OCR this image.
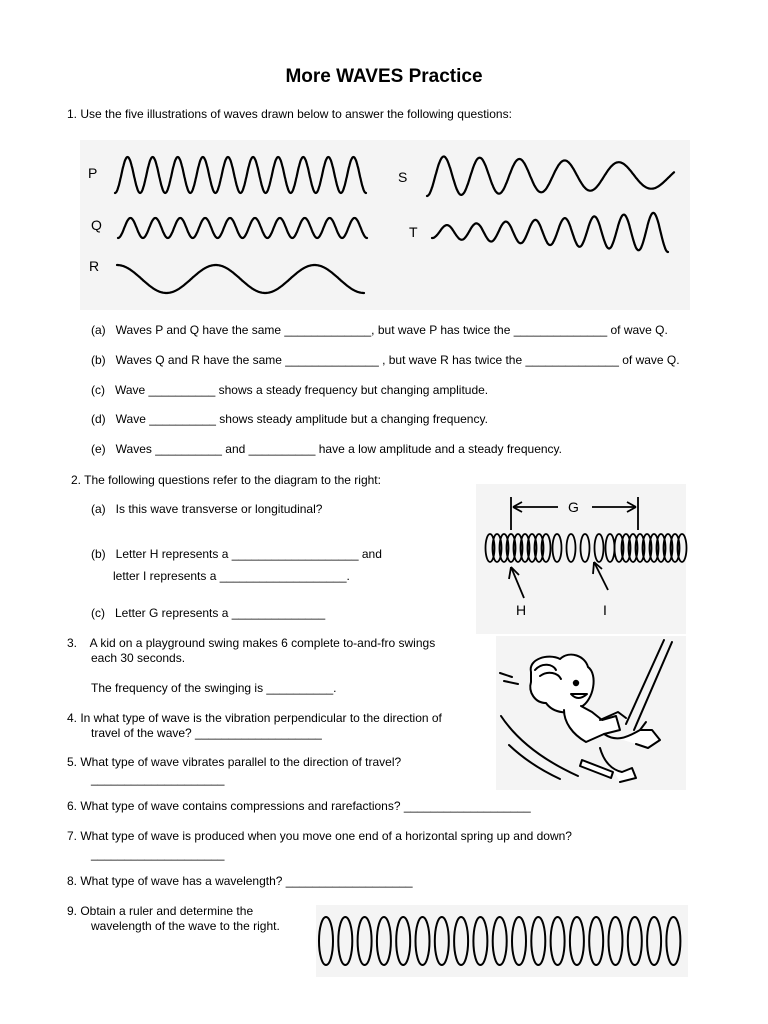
More WAVES Practice
1. Use the five illustrations of waves drawn below to answer the following questions:
P
Q
R
S
T
(a)   Waves P and Q have the same _____________, but wave P has twice the ______________ of wave Q.
(b)   Waves Q and R have the same ______________ , but wave R has twice the ______________ of wave Q.
(c)   Wave __________ shows a steady frequency but changing amplitude.
(d)   Wave __________ shows steady amplitude but a changing frequency.
(e)   Waves __________ and __________ have a low amplitude and a steady frequency.
2. The following questions refer to the diagram to the right:
(a)   Is this wave transverse or longitudinal?
(b)   Letter H represents a ___________________ and
letter I represents a ___________________.
(c)   Letter G represents a ______________
G
H	I
3.    A kid on a playground swing makes 6 complete to-and-fro swings
each 30 seconds.
The frequency of the swinging is __________.
4. In what type of wave is the vibration perpendicular to the direction of
travel of the wave? ___________________
5. What type of wave vibrates parallel to the direction of travel?
____________________
6. What type of wave contains compressions and rarefactions? ___________________
7. What type of wave is produced when you move one end of a horizontal spring up and down?
____________________
8. What type of wave has a wavelength? ___________________
9. Obtain a ruler and determine the
wavelength of the wave to the right.
